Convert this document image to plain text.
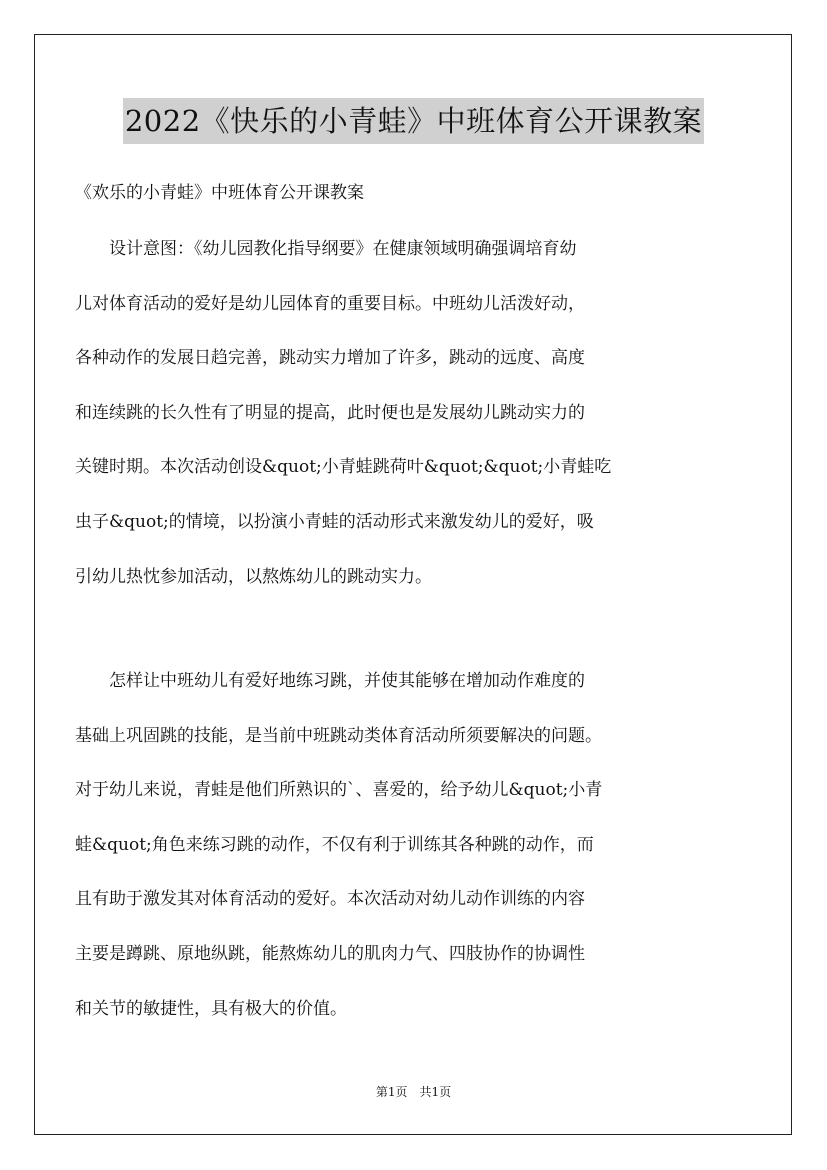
2022《快乐的小青蛙》中班体育公开课教案
《欢乐的小青蛙》中班体育公开课教案
　　设计意图：《幼儿园教化指导纲要》在健康领域明确强调培育幼
儿对体育活动的爱好是幼儿园体育的重要目标。中班幼儿活泼好动，
各种动作的发展日趋完善，跳动实力增加了许多，跳动的远度、高度
和连续跳的长久性有了明显的提高，此时便也是发展幼儿跳动实力的
关键时期。本次活动创设&quot;小青蛙跳荷叶&quot;&quot;小青蛙吃
虫子&quot;的情境，以扮演小青蛙的活动形式来激发幼儿的爱好，吸
引幼儿热忱参加活动，以熬炼幼儿的跳动实力。
　　怎样让中班幼儿有爱好地练习跳，并使其能够在增加动作难度的
基础上巩固跳的技能，是当前中班跳动类体育活动所须要解决的问题。
对于幼儿来说，青蛙是他们所熟识的`、喜爱的，给予幼儿&quot;小青
蛙&quot;角色来练习跳的动作，不仅有利于训练其各种跳的动作，而
且有助于激发其对体育活动的爱好。本次活动对幼儿动作训练的内容
主要是蹲跳、原地纵跳，能熬炼幼儿的肌肉力气、四肢协作的协调性
和关节的敏捷性，具有极大的价值。
第1页　共1页
